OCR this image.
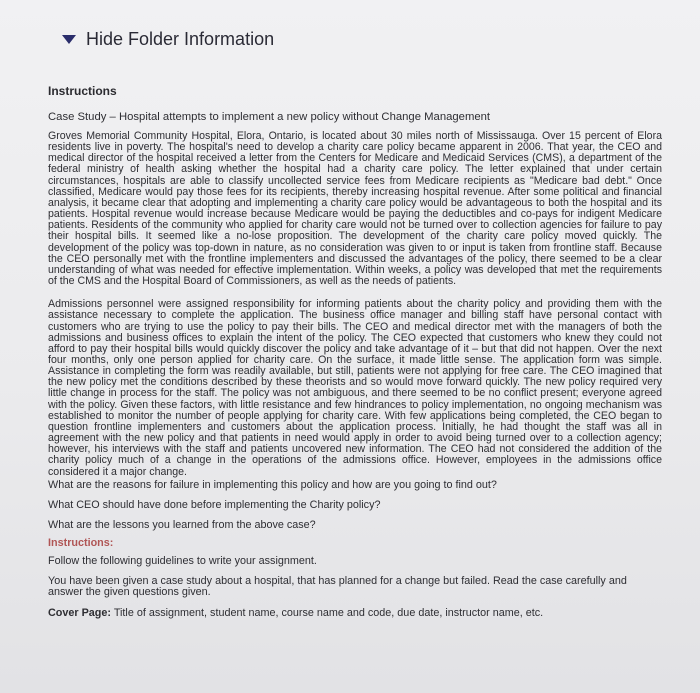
Hide Folder Information
Instructions
Case Study – Hospital attempts to implement a new policy without Change Management

Groves Memorial Community Hospital, Elora, Ontario, is located about 30 miles north of Mississauga. Over 15 percent of Elora residents live in poverty. The hospital's need to develop a charity care policy became apparent in 2006. That year, the CEO and medical director of the hospital received a letter from the Centers for Medicare and Medicaid Services (CMS), a department of the federal ministry of health asking whether the hospital had a charity care policy. The letter explained that under certain circumstances, hospitals are able to classify uncollected service fees from Medicare recipients as "Medicare bad debt." Once classified, Medicare would pay those fees for its recipients, thereby increasing hospital revenue. After some political and financial analysis, it became clear that adopting and implementing a charity care policy would be advantageous to both the hospital and its patients. Hospital revenue would increase because Medicare would be paying the deductibles and co-pays for indigent Medicare patients. Residents of the community who applied for charity care would not be turned over to collection agencies for failure to pay their hospital bills. It seemed like a no-lose proposition. The development of the charity care policy moved quickly. The development of the policy was top-down in nature, as no consideration was given to or input is taken from frontline staff. Because the CEO personally met with the frontline implementers and discussed the advantages of the policy, there seemed to be a clear understanding of what was needed for effective implementation. Within weeks, a policy was developed that met the requirements of the CMS and the Hospital Board of Commissioners, as well as the needs of patients.

Admissions personnel were assigned responsibility for informing patients about the charity policy and providing them with the assistance necessary to complete the application. The business office manager and billing staff have personal contact with customers who are trying to use the policy to pay their bills. The CEO and medical director met with the managers of both the admissions and business offices to explain the intent of the policy. The CEO expected that customers who knew they could not afford to pay their hospital bills would quickly discover the policy and take advantage of it – but that did not happen. Over the next four months, only one person applied for charity care. On the surface, it made little sense. The application form was simple. Assistance in completing the form was readily available, but still, patients were not applying for free care. The CEO imagined that the new policy met the conditions described by these theorists and so would move forward quickly. The new policy required very little change in process for the staff. The policy was not ambiguous, and there seemed to be no conflict present; everyone agreed with the policy. Given these factors, with little resistance and few hindrances to policy implementation, no ongoing mechanism was established to monitor the number of people applying for charity care. With few applications being completed, the CEO began to question frontline implementers and customers about the application process. Initially, he had thought the staff was all in agreement with the new policy and that patients in need would apply in order to avoid being turned over to a collection agency; however, his interviews with the staff and patients uncovered new information. The CEO had not considered the addition of the charity policy much of a change in the operations of the admissions office. However, employees in the admissions office considered it a major change.

What are the reasons for failure in implementing this policy and how are you going to find out?
What CEO should have done before implementing the Charity policy?
What are the lessons you learned from the above case?
Instructions:
Follow the following guidelines to write your assignment.
You have been given a case study about a hospital, that has planned for a change but failed. Read the case carefully and answer the given questions given.
Cover Page: Title of assignment, student name, course name and code, due date, instructor name, etc.
